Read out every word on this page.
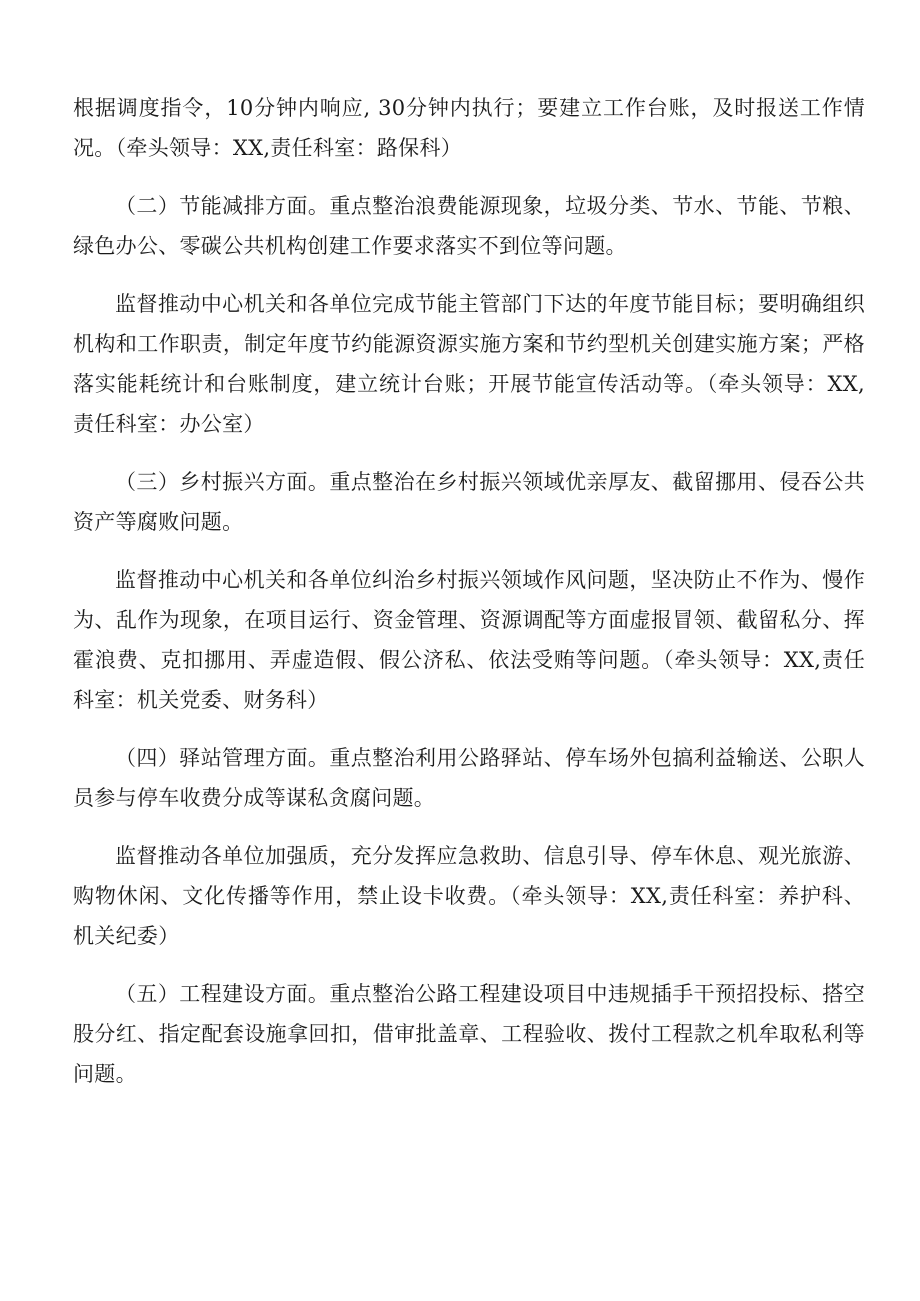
根据调度指令，10分钟内响应, 30分钟内执行；要建立工作台账，及时报送工作情况。（牵头领导：XX,责任科室：路保科）

（二）节能减排方面。重点整治浪费能源现象，垃圾分类、节水、节能、节粮、绿色办公、零碳公共机构创建工作要求落实不到位等问题。

监督推动中心机关和各单位完成节能主管部门下达的年度节能目标；要明确组织机构和工作职责，制定年度节约能源资源实施方案和节约型机关创建实施方案；严格落实能耗统计和台账制度，建立统计台账；开展节能宣传活动等。（牵头领导：XX,责任科室：办公室）

（三）乡村振兴方面。重点整治在乡村振兴领域优亲厚友、截留挪用、侵吞公共资产等腐败问题。

监督推动中心机关和各单位纠治乡村振兴领域作风问题，坚决防止不作为、慢作为、乱作为现象，在项目运行、资金管理、资源调配等方面虚报冒领、截留私分、挥霍浪费、克扣挪用、弄虚造假、假公济私、依法受贿等问题。（牵头领导：XX,责任科室：机关党委、财务科）

（四）驿站管理方面。重点整治利用公路驿站、停车场外包搞利益输送、公职人员参与停车收费分成等谋私贪腐问题。

监督推动各单位加强质，充分发挥应急救助、信息引导、停车休息、观光旅游、购物休闲、文化传播等作用，禁止设卡收费。（牵头领导：XX,责任科室：养护科、机关纪委）

（五）工程建设方面。重点整治公路工程建设项目中违规插手干预招投标、搭空股分红、指定配套设施拿回扣，借审批盖章、工程验收、拨付工程款之机牟取私利等问题。
